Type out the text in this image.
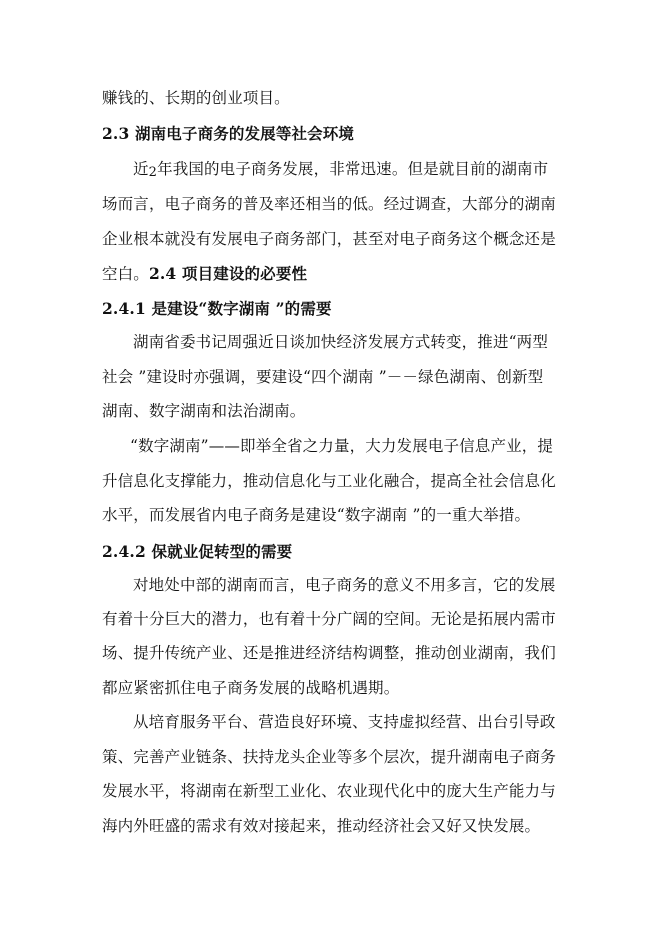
赚钱的、长期的创业项目。
2.3 湖南电子商务的发展等社会环境
近2年我国的电子商务发展，非常迅速。但是就目前的湖南市
场而言，电子商务的普及率还相当的低。经过调查，大部分的湖南
企业根本就没有发展电子商务部门，甚至对电子商务这个概念还是
空白。2.4 项目建设的必要性
2.4.1 是建设“数字湖南 ”的需要
湖南省委书记周强近日谈加快经济发展方式转变，推进“两型
社会 ”建设时亦强调，要建设“四个湖南 ”－－绿色湖南、创新型
湖南、数字湖南和法治湖南。
“数字湖南”——即举全省之力量，大力发展电子信息产业，提
升信息化支撑能力，推动信息化与工业化融合，提高全社会信息化
水平，而发展省内电子商务是建设“数字湖南 ”的一重大举措。
2.4.2 保就业促转型的需要
对地处中部的湖南而言，电子商务的意义不用多言，它的发展
有着十分巨大的潜力，也有着十分广阔的空间。无论是拓展内需市
场、提升传统产业、还是推进经济结构调整，推动创业湖南，我们
都应紧密抓住电子商务发展的战略机遇期。
从培育服务平台、营造良好环境、支持虚拟经营、出台引导政
策、完善产业链条、扶持龙头企业等多个层次，提升湖南电子商务
发展水平，将湖南在新型工业化、农业现代化中的庞大生产能力与
海内外旺盛的需求有效对接起来，推动经济社会又好又快发展。
